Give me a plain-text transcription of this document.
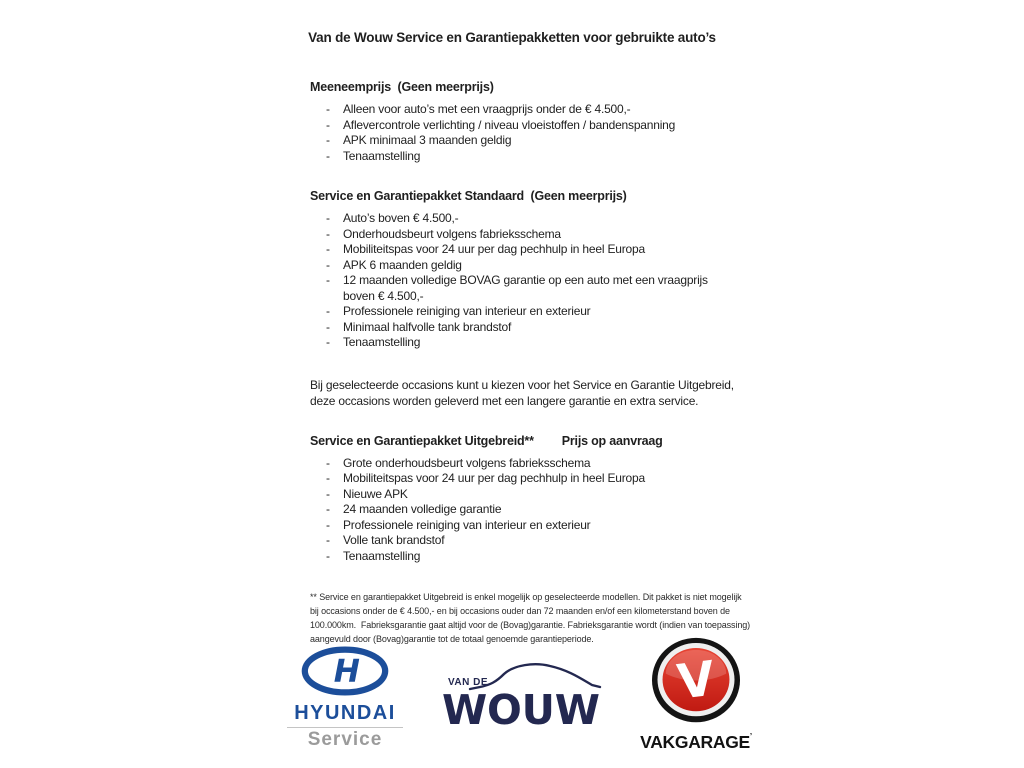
Van de Wouw Service en Garantiepakketten voor gebruikte auto’s
Meeneemprijs  (Geen meerprijs)
- Alleen voor auto’s met een vraagprijs onder de € 4.500,-
- Aflevercontrole verlichting / niveau vloeistoffen / bandenspanning
- APK minimaal 3 maanden geldig
- Tenaamstelling
Service en Garantiepakket Standaard  (Geen meerprijs)
- Auto’s boven € 4.500,-
- Onderhoudsbeurt volgens fabrieksschema
- Mobiliteitspas voor 24 uur per dag pechhulp in heel Europa
- APK 6 maanden geldig
- 12 maanden volledige BOVAG garantie op een auto met een vraagprijs boven € 4.500,-
- Professionele reiniging van interieur en exterieur
- Minimaal halfvolle tank brandstof
- Tenaamstelling

Bij geselecteerde occasions kunt u kiezen voor het Service en Garantie Uitgebreid,
deze occasions worden geleverd met een langere garantie en extra service.

Service en Garantiepakket Uitgebreid** Prijs op aanvraag
- Grote onderhoudsbeurt volgens fabrieksschema
- Mobiliteitspas voor 24 uur per dag pechhulp in heel Europa
- Nieuwe APK
- 24 maanden volledige garantie
- Professionele reiniging van interieur en exterieur
- Volle tank brandstof
- Tenaamstelling

** Service en garantiepakket Uitgebreid is enkel mogelijk op geselecteerde modellen. Dit pakket is niet mogelijk
bij occasions onder de € 4.500,- en bij occasions ouder dan 72 maanden en/of een kilometerstand boven de
100.000km.  Fabrieksgarantie gaat altijd voor de (Bovag)garantie. Fabrieksgarantie wordt (indien van toepassing)
aangevuld door (Bovag)garantie tot de totaal genoemde garantieperiode.

H
HYUNDAI
Service
VAN DE
WOUW V
VAKGARAGE’
